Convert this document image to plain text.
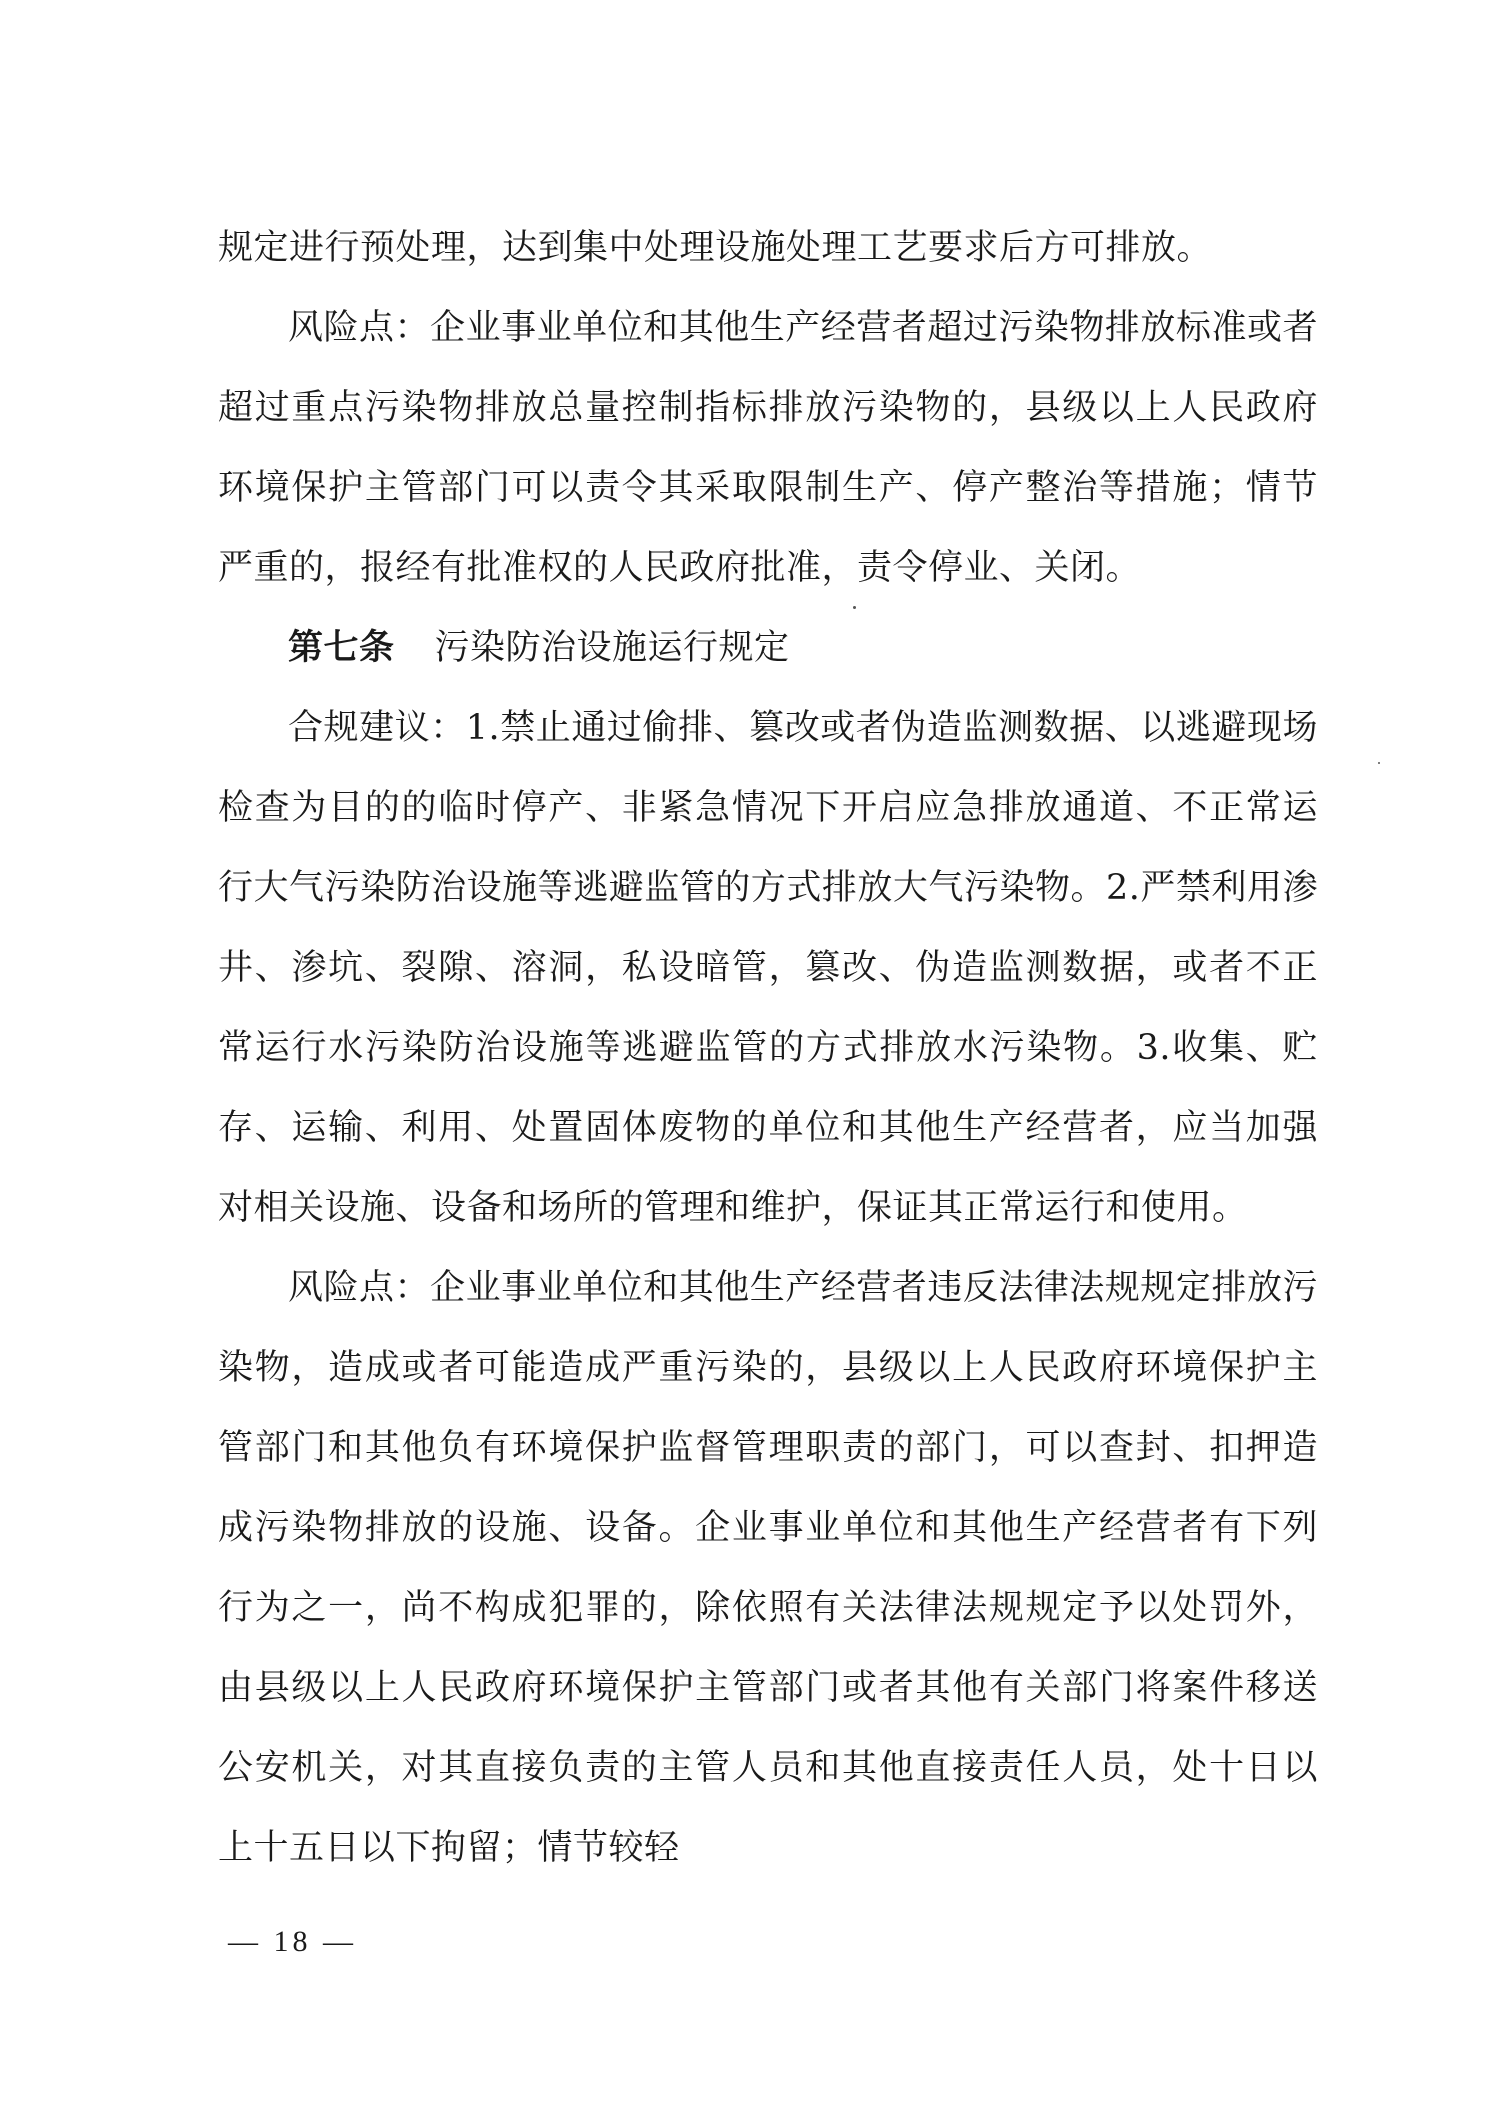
规定进行预处理，达到集中处理设施处理工艺要求后方可排放。

风险点：企业事业单位和其他生产经营者超过污染物排放标准或者超过重点污染物排放总量控制指标排放污染物的，县级以上人民政府环境保护主管部门可以责令其采取限制生产、停产整治等措施；情节严重的，报经有批准权的人民政府批准，责令停业、关闭。

第七条 污染防治设施运行规定

合规建议：1.禁止通过偷排、篡改或者伪造监测数据、以逃避现场检查为目的的临时停产、非紧急情况下开启应急排放通道、不正常运行大气污染防治设施等逃避监管的方式排放大气污染物。2.严禁利用渗井、渗坑、裂隙、溶洞，私设暗管，篡改、伪造监测数据，或者不正常运行水污染防治设施等逃避监管的方式排放水污染物。3.收集、贮存、运输、利用、处置固体废物的单位和其他生产经营者，应当加强对相关设施、设备和场所的管理和维护，保证其正常运行和使用。

风险点：企业事业单位和其他生产经营者违反法律法规规定排放污染物，造成或者可能造成严重污染的，县级以上人民政府环境保护主管部门和其他负有环境保护监督管理职责的部门，可以查封、扣押造成污染物排放的设施、设备。企业事业单位和其他生产经营者有下列行为之一，尚不构成犯罪的，除依照有关法律法规规定予以处罚外，由县级以上人民政府环境保护主管部门或者其他有关部门将案件移送公安机关，对其直接负责的主管人员和其他直接责任人员，处十日以上十五日以下拘留；情节较轻

— 18 —
